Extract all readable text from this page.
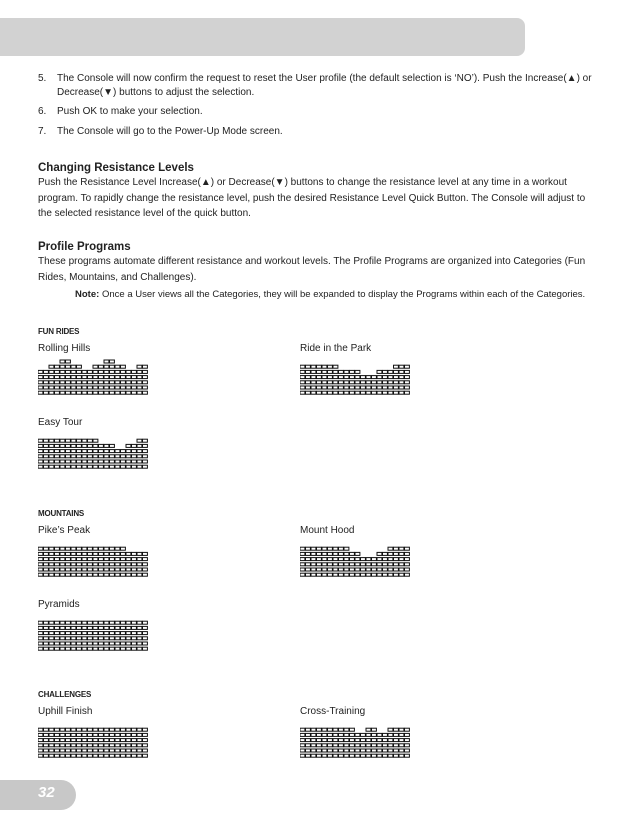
5.	The Console will now confirm the request to reset the User profile (the default selection is ‘NO’). Push the Increase(▲) or Decrease(▼) buttons to adjust the selection.
6.	Push OK to make your selection.
7.	The Console will go to the Power-Up Mode screen.

Changing Resistance Levels

Push the Resistance Level Increase(▲) or Decrease(▼) buttons to change the resistance level at any time in a workout program. To rapidly change the resistance level, push the desired Resistance Level Quick Button. The Console will adjust to the selected resistance level of the quick button.

Profile Programs

These programs automate different resistance and workout levels. The Profile Programs are organized into Categories (Fun Rides, Mountains, and Challenges).
Note: Once a User views all the Categories, they will be expanded to display the Programs within each of the Categories.
FUN RIDES
Rolling Hills	Ride in the Park
Easy Tour
MOUNTAINS
Pike’s Peak	Mount Hood
Pyramids
CHALLENGES
Uphill Finish	Cross-Training
32
